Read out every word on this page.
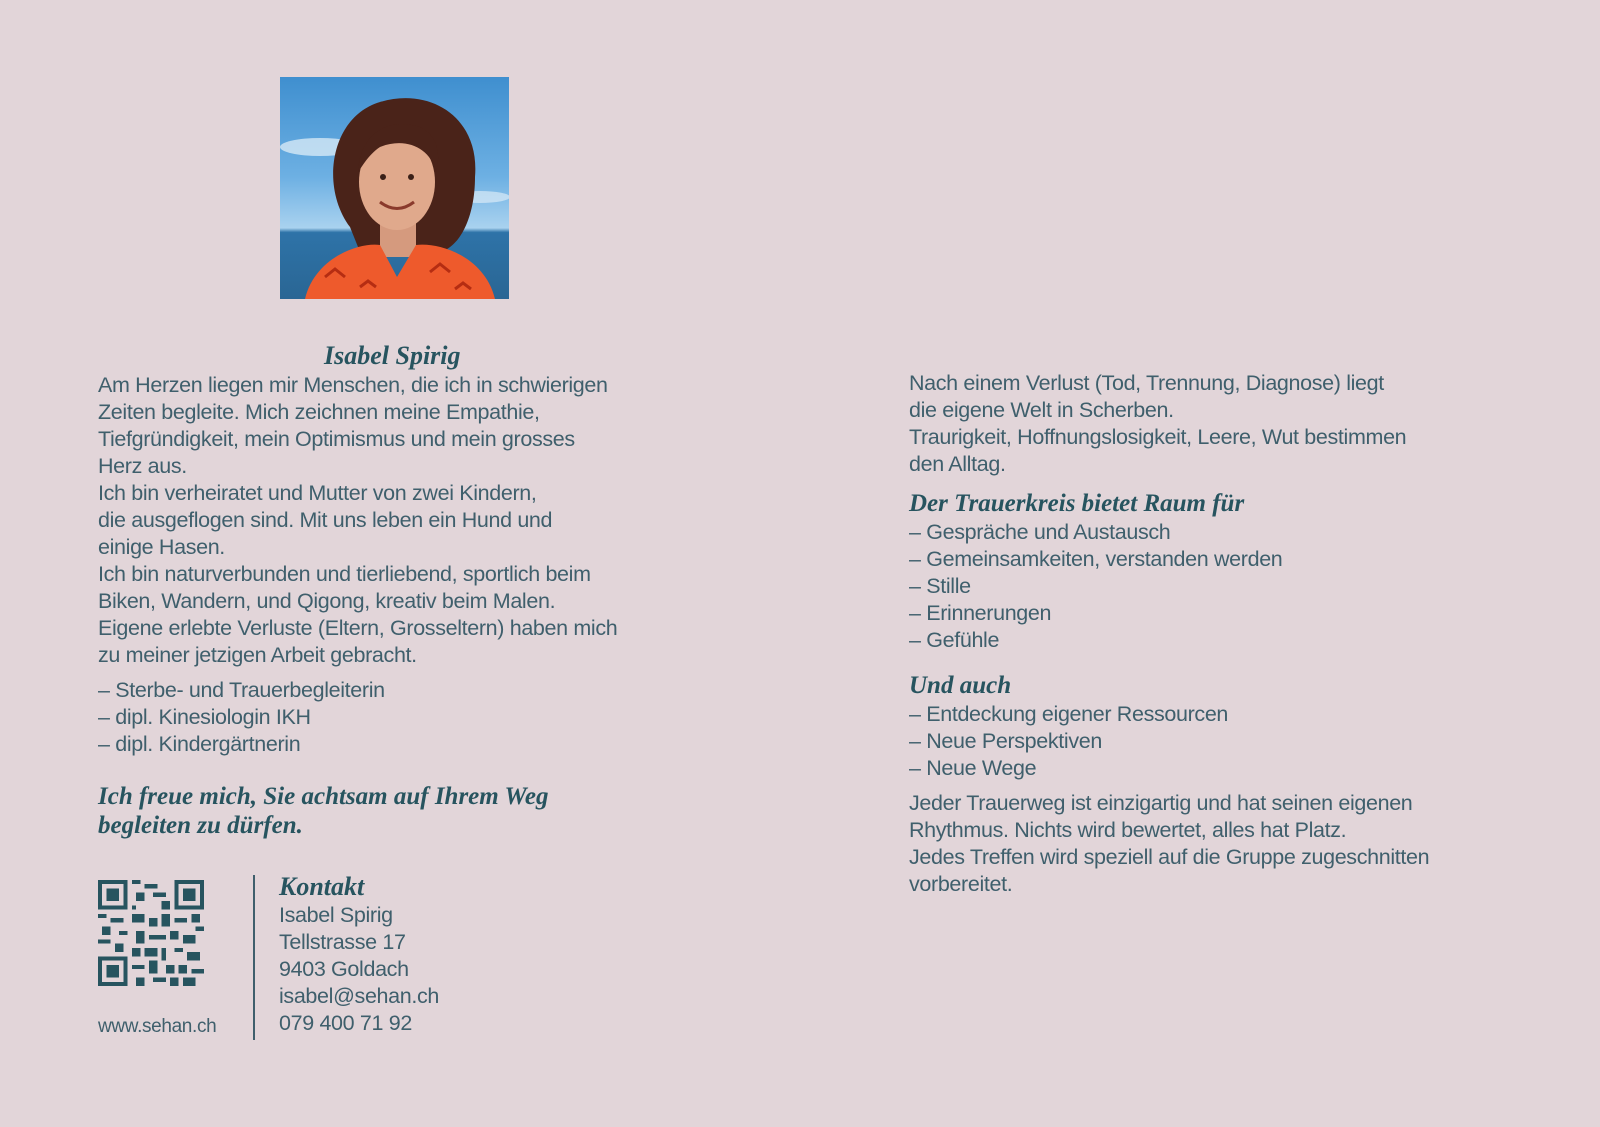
Isabel Spirig

Am Herzen liegen mir Menschen, die ich in schwierigen

Zeiten begleite. Mich zeichnen meine Empathie,

Tiefgründigkeit, mein Optimismus und mein grosses

Herz aus.

Ich bin verheiratet und Mutter von zwei Kindern,

die ausgeflogen sind. Mit uns leben ein Hund und

einige Hasen.

Ich bin naturverbunden und tierliebend, sportlich beim

Biken, Wandern, und Qigong, kreativ beim Malen.

Eigene erlebte Verluste (Eltern, Grosseltern) haben mich

zu meiner jetzigen Arbeit gebracht.

– Sterbe- und Trauerbegleiterin
– dipl. Kinesiologin IKH
– dipl. Kindergärtnerin
Ich freue mich, Sie achtsam auf Ihrem Weg
begleiten zu dürfen.
www.sehan.ch
Kontakt
Isabel Spirig
Tellstrasse 17
9403 Goldach
isabel@sehan.ch
079 400 71 92

Nach einem Verlust (Tod, Trennung, Diagnose) liegt

die eigene Welt in Scherben.

Traurigkeit, Hoffnungslosigkeit, Leere, Wut bestimmen

den Alltag.

Der Trauerkreis bietet Raum für
– Gespräche und Austausch
– Gemeinsamkeiten, verstanden werden
– Stille
– Erinnerungen
– Gefühle
Und auch
– Entdeckung eigener Ressourcen
– Neue Perspektiven
– Neue Wege

Jeder Trauerweg ist einzigartig und hat seinen eigenen

Rhythmus. Nichts wird bewertet, alles hat Platz.

Jedes Treffen wird speziell auf die Gruppe zugeschnitten

vorbereitet.
